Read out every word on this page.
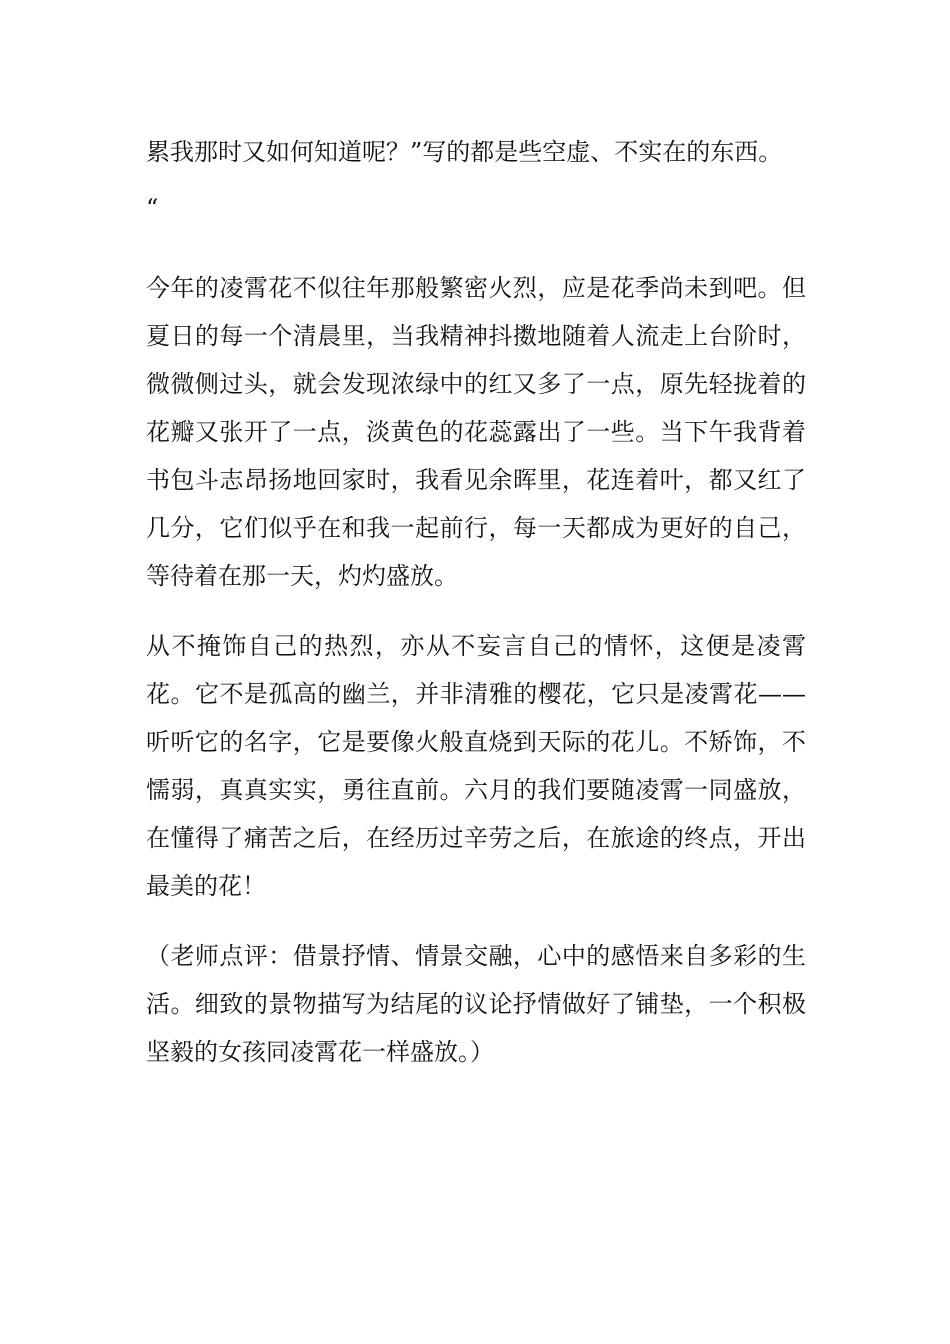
累我那时又如何知道呢？”写的都是些空虚、不实在的东西。

“

今年的凌霄花不似往年那般繁密火烈，应是花季尚未到吧。但夏日的每一个清晨里，当我精神抖擞地随着人流走上台阶时，微微侧过头，就会发现浓绿中的红又多了一点，原先轻拢着的花瓣又张开了一点，淡黄色的花蕊露出了一些。当下午我背着书包斗志昂扬地回家时，我看见余晖里，花连着叶，都又红了几分，它们似乎在和我一起前行，每一天都成为更好的自己，等待着在那一天，灼灼盛放。

从不掩饰自己的热烈，亦从不妄言自己的情怀，这便是凌霄花。它不是孤高的幽兰，并非清雅的樱花，它只是凌霄花——听听它的名字，它是要像火般直烧到天际的花儿。不矫饰，不懦弱，真真实实，勇往直前。六月的我们要随凌霄一同盛放，在懂得了痛苦之后，在经历过辛劳之后，在旅途的终点，开出最美的花！

（老师点评：借景抒情、情景交融，心中的感悟来自多彩的生活。细致的景物描写为结尾的议论抒情做好了铺垫，一个积极坚毅的女孩同凌霄花一样盛放。）
